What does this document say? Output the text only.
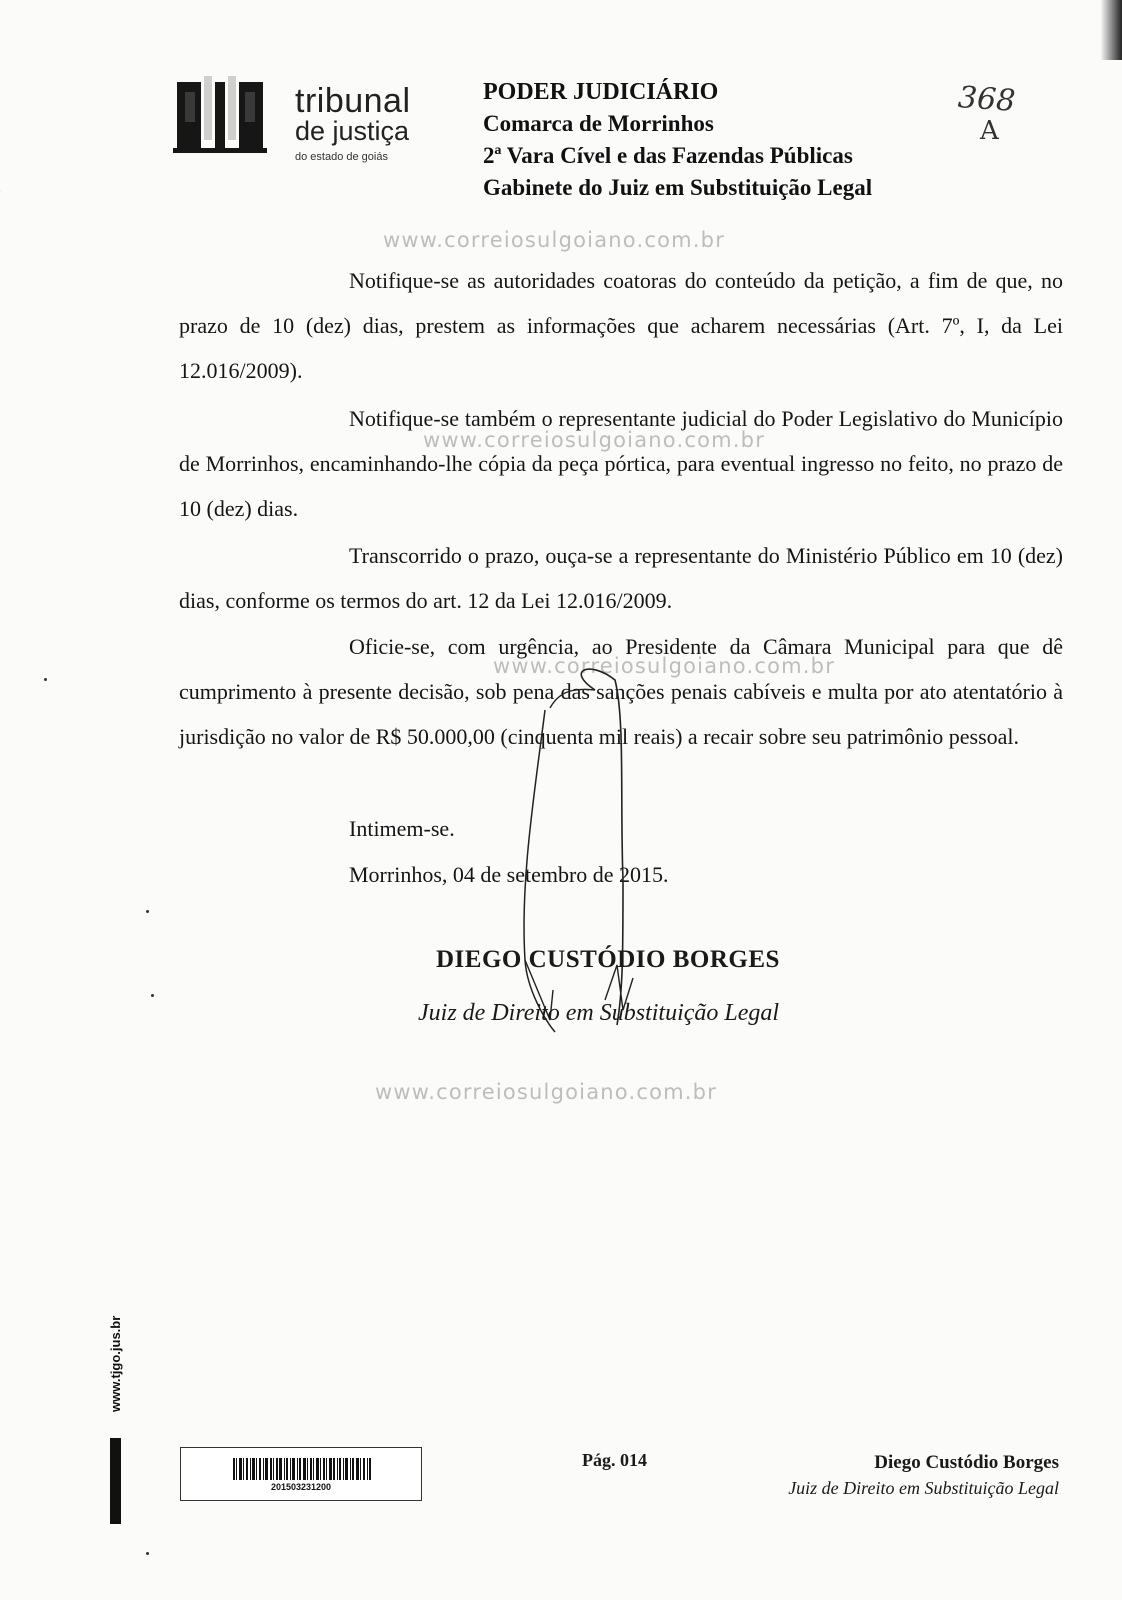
tribunal
de justiça
do estado de goiás
PODER JUDICIÁRIO
Comarca de Morrinhos
2ª Vara Cível e das Fazendas Públicas
Gabinete do Juiz em Substituição Legal
368
A
www.correiosulgoiano.com.br
www.correiosulgoiano.com.br
www.correiosulgoiano.com.br
www.correiosulgoiano.com.br
Notifique-se as autoridades coatoras do conteúdo da petição, a fim de que, no prazo de 10 (dez) dias, prestem as informações que acharem necessárias (Art. 7º, I, da Lei 12.016/2009).
Notifique-se também o representante judicial do Poder Legislativo do Município de Morrinhos, encaminhando-lhe cópia da peça pórtica, para eventual ingresso no feito, no prazo de 10 (dez) dias.
Transcorrido o prazo, ouça-se a representante do Ministério Público em 10 (dez) dias, conforme os termos do art. 12 da Lei 12.016/2009.
Oficie-se, com urgência, ao Presidente da Câmara Municipal para que dê cumprimento à presente decisão, sob pena das sanções penais cabíveis e multa por ato atentatório à jurisdição no valor de R$ 50.000,00 (cinquenta mil reais) a recair sobre seu patrimônio pessoal.
Intimem-se.
Morrinhos, 04 de setembro de 2015.
DIEGO CUSTÓDIO BORGES
Juiz de Direito em Substituição Legal
www.tjgo.jus.br
201503231200
Pág. 014	Diego Custódio Borges
Juiz de Direito em Substituição Legal
